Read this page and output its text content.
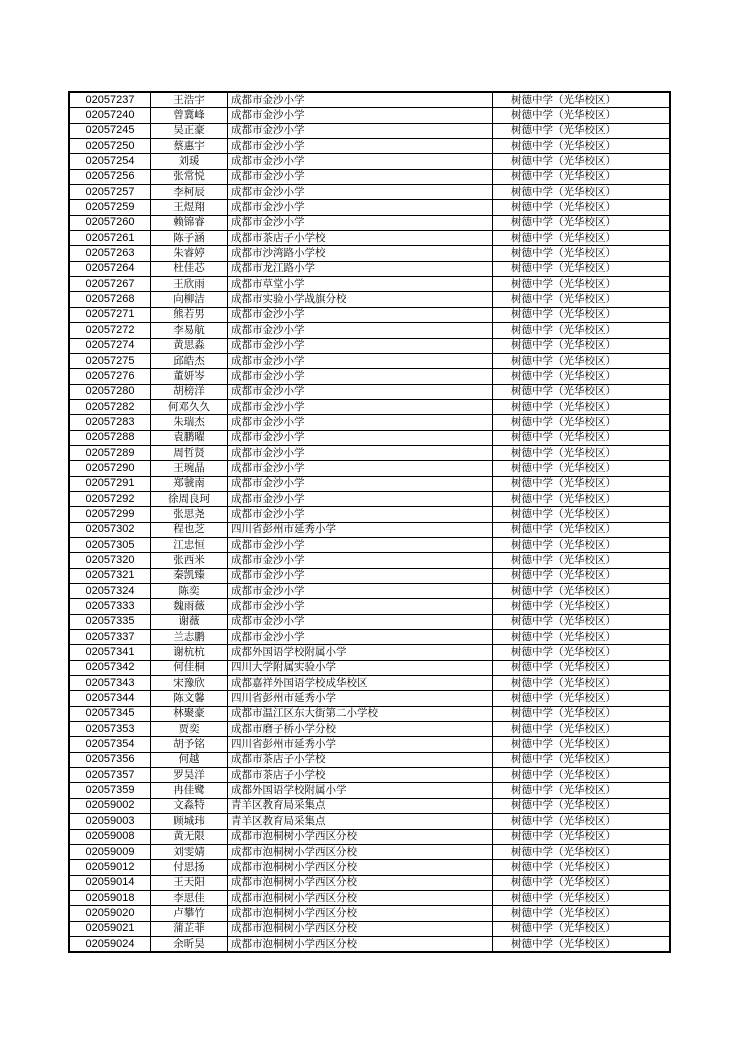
02057237	王浩宇	成都市金沙小学	树德中学（光华校区）
02057240	曾冀峰	成都市金沙小学	树德中学（光华校区）
02057245	吴正豪	成都市金沙小学	树德中学（光华校区）
02057250	蔡惠宇	成都市金沙小学	树德中学（光华校区）
02057254	刘瑗	成都市金沙小学	树德中学（光华校区）
02057256	张常悦	成都市金沙小学	树德中学（光华校区）
02057257	李柯辰	成都市金沙小学	树德中学（光华校区）
02057259	王煜翔	成都市金沙小学	树德中学（光华校区）
02057260	赖锦睿	成都市金沙小学	树德中学（光华校区）
02057261	陈子涵	成都市茶店子小学校	树德中学（光华校区）
02057263	朱睿婷	成都市沙湾路小学校	树德中学（光华校区）
02057264	杜佳芯	成都市龙江路小学	树德中学（光华校区）
02057267	王欣雨	成都市草堂小学	树德中学（光华校区）
02057268	向柳洁	成都市实验小学战旗分校	树德中学（光华校区）
02057271	熊若男	成都市金沙小学	树德中学（光华校区）
02057272	李易航	成都市金沙小学	树德中学（光华校区）
02057274	黄思淼	成都市金沙小学	树德中学（光华校区）
02057275	邱皓杰	成都市金沙小学	树德中学（光华校区）
02057276	董妍岑	成都市金沙小学	树德中学（光华校区）
02057280	胡榜洋	成都市金沙小学	树德中学（光华校区）
02057282	何邓久久	成都市金沙小学	树德中学（光华校区）
02057283	朱瑞杰	成都市金沙小学	树德中学（光华校区）
02057288	袁鹏曜	成都市金沙小学	树德中学（光华校区）
02057289	周哲贤	成都市金沙小学	树德中学（光华校区）
02057290	王琬晶	成都市金沙小学	树德中学（光华校区）
02057291	郑虢南	成都市金沙小学	树德中学（光华校区）
02057292	徐周良珂	成都市金沙小学	树德中学（光华校区）
02057299	张思尧	成都市金沙小学	树德中学（光华校区）
02057302	程也芝	四川省彭州市延秀小学	树德中学（光华校区）
02057305	江忠恒	成都市金沙小学	树德中学（光华校区）
02057320	张西米	成都市金沙小学	树德中学（光华校区）
02057321	秦凯臻	成都市金沙小学	树德中学（光华校区）
02057324	陈奕	成都市金沙小学	树德中学（光华校区）
02057333	魏雨薇	成都市金沙小学	树德中学（光华校区）
02057335	谢薇	成都市金沙小学	树德中学（光华校区）
02057337	兰志鹏	成都市金沙小学	树德中学（光华校区）
02057341	谢杭杭	成都外国语学校附属小学	树德中学（光华校区）
02057342	何佳桐	四川大学附属实验小学	树德中学（光华校区）
02057343	宋豫欣	成都嘉祥外国语学校成华校区	树德中学（光华校区）
02057344	陈文馨	四川省彭州市延秀小学	树德中学（光华校区）
02057345	林聚豪	成都市温江区东大街第二小学校	树德中学（光华校区）
02057353	贾奕	成都市磨子桥小学分校	树德中学（光华校区）
02057354	胡予铭	四川省彭州市延秀小学	树德中学（光华校区）
02057356	何越	成都市茶店子小学校	树德中学（光华校区）
02057357	罗昊洋	成都市茶店子小学校	树德中学（光华校区）
02057359	冉佳鹭	成都外国语学校附属小学	树德中学（光华校区）
02059002	文淼特	青羊区教育局采集点	树德中学（光华校区）
02059003	顾城玮	青羊区教育局采集点	树德中学（光华校区）
02059008	黄无限	成都市泡桐树小学西区分校	树德中学（光华校区）
02059009	刘雯婧	成都市泡桐树小学西区分校	树德中学（光华校区）
02059012	付思扬	成都市泡桐树小学西区分校	树德中学（光华校区）
02059014	王天阳	成都市泡桐树小学西区分校	树德中学（光华校区）
02059018	李思佳	成都市泡桐树小学西区分校	树德中学（光华校区）
02059020	卢攀竹	成都市泡桐树小学西区分校	树德中学（光华校区）
02059021	蒲芷菲	成都市泡桐树小学西区分校	树德中学（光华校区）
02059024	余昕昊	成都市泡桐树小学西区分校	树德中学（光华校区）
